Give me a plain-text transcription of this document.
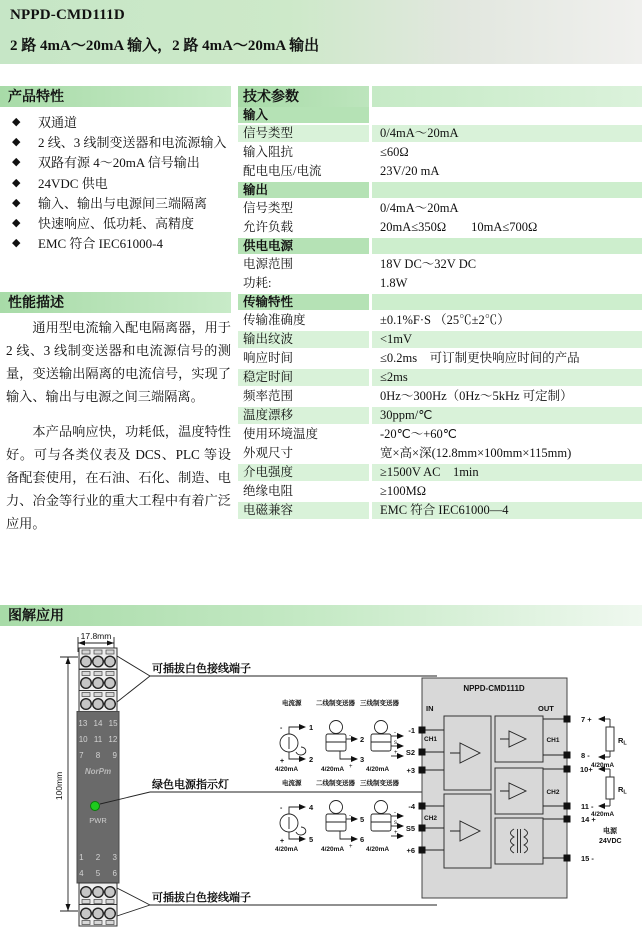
NPPD-CMD111D
2 路 4mA～20mA 输入，2 路 4mA～20mA 输出
产品特性
性能描述
图解应用
◆	双通道
◆	2 线、3 线制变送器和电流源输入
◆	双路有源 4～20mA 信号输出
◆	24VDC 供电
◆	输入、输出与电源间三端隔离
◆	快速响应、低功耗、高精度
◆	EMC 符合 IEC61000-4

通用型电流输入配电隔离器，用于 2 线、3 线制变送器和电流源信号的测量，变送输出隔离的电流信号，实现了输入、输出与电源之间三端隔离。

本产品响应快，功耗低，温度特性好。可与各类仪表及 DCS、PLC 等设备配套使用，在石油、石化、制造、电力、冶金等行业的重大工程中有着广泛应用。

技术参数
输入
信号类型	0/4mA～20mA
输入阻抗	≤60Ω
配电电压/电流	23V/20 mA
输出
信号类型	0/4mA～20mA
允许负载	20mA≤350Ω　　10mA≤700Ω
供电电源
电源范围	18V DC～32V DC
功耗:	1.8W
传输特性
传输准确度	±0.1%F·S （25℃±2℃）
输出纹波	<1mV
响应时间	≤0.2ms　可订制更快响应时间的产品
稳定时间	≤2ms
频率范围	0Hz～300Hz（0Hz～5kHz 可定制）
温度漂移	30ppm/℃
使用环境温度	-20℃～+60℃
外观尺寸	宽×高×深(12.8mm×100mm×115mm)
介电强度	≥1500V AC　1min
绝缘电阻	≥100MΩ
电磁兼容	EMC 符合 IEC61000—4
17.8mm
100mm
13 14 15
10 11 12
7 8 9
NorPm
PWR
1 2 3
4 5 6
可插拔白色接线端子
绿色电源指示灯
可插拔白色接线端子
NPPD-CMD111D
IN	OUT
CH1
CH2
CH1
CH2
-1
S2
+3
-4
S5
+6
7 +
8 -
10+
11 -
14 +
15 -
$R_L$
4/20mA
$R_L$
4/20mA
电源
24VDC
电流源 二线制变送器 三线制变送器
-
+
1
2
4/20mA
-
+
2
3
4/20mA
-
s
+
4/20mA
电流源 二线制变送器 三线制变送器
-
+
4
5
4/20mA
-
+
5
6
4/20mA
-
s
+
4/20mA
